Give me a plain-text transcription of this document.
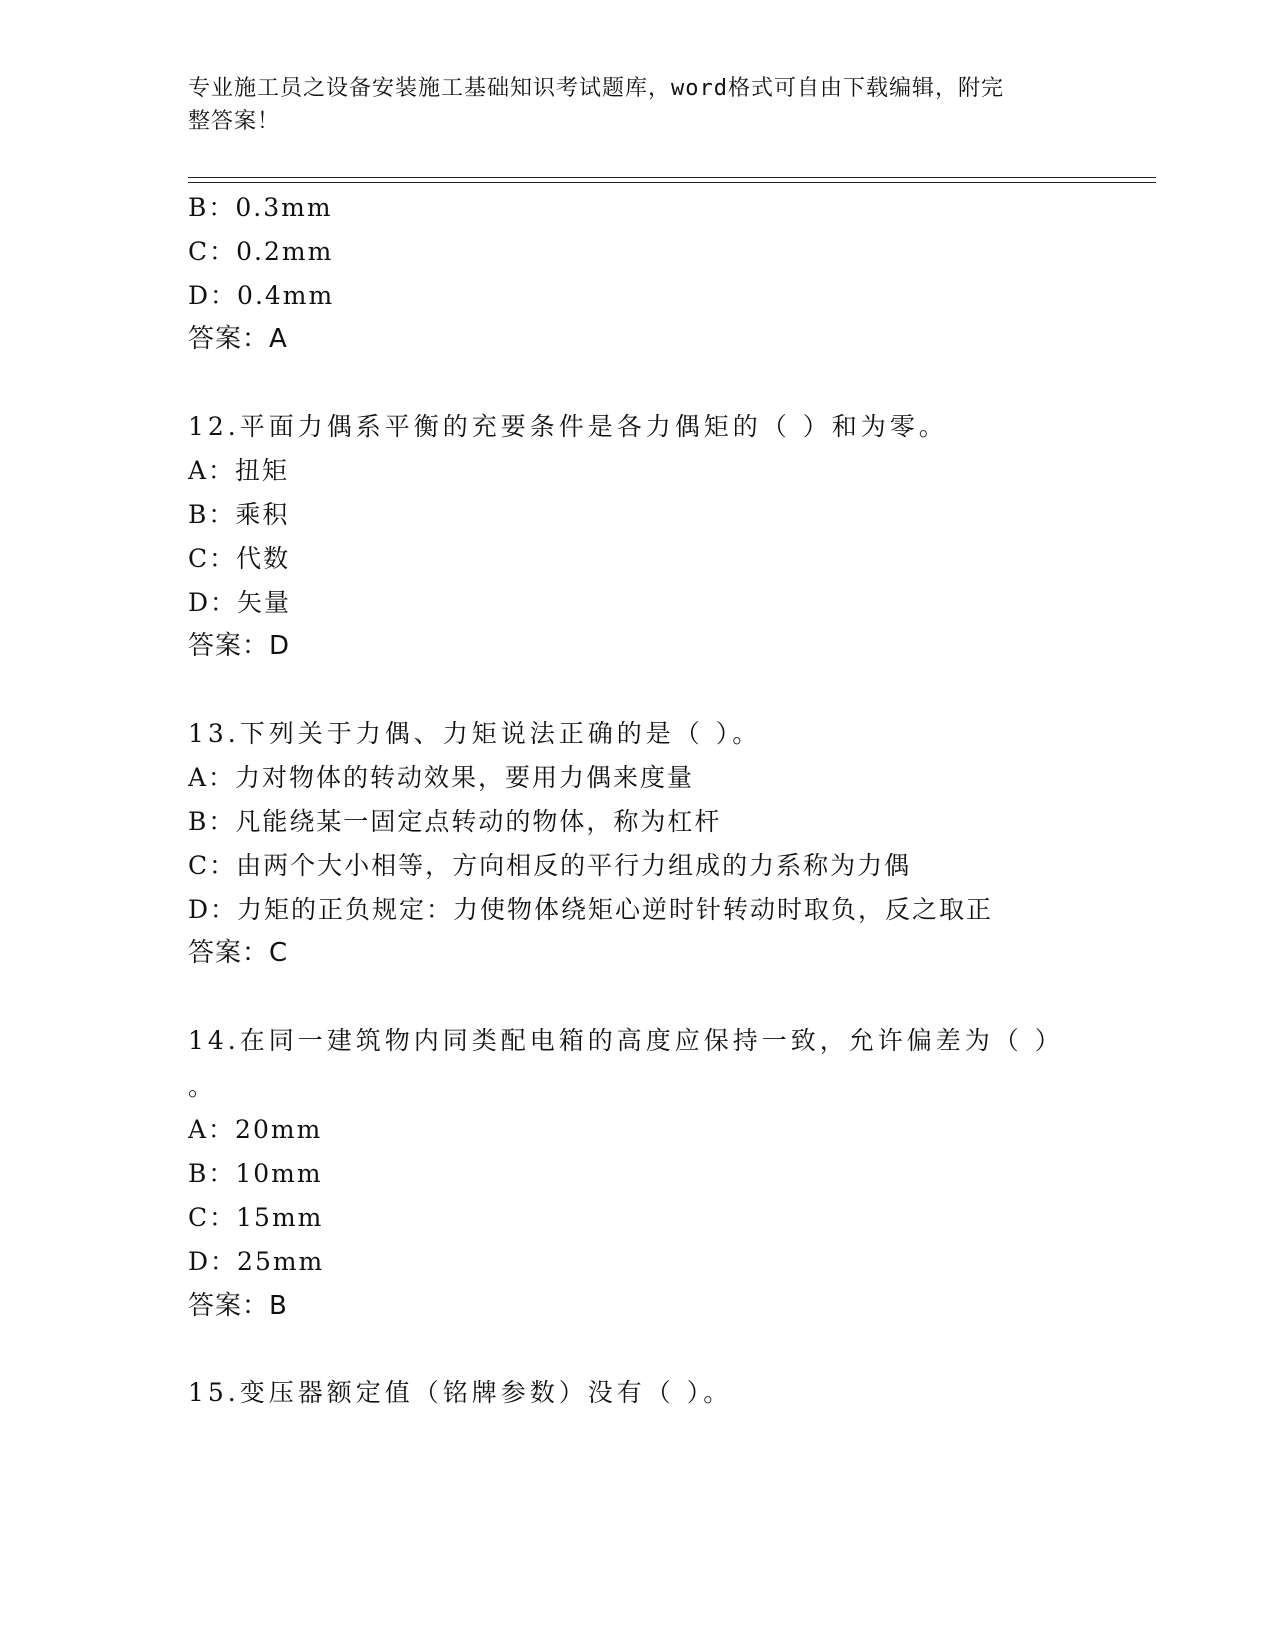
专业施工员之设备安装施工基础知识考试题库，word格式可自由下载编辑，附完
整答案！
B：0.3mm
C：0.2mm
D：0.4mm
答案：A
12.平面力偶系平衡的充要条件是各力偶矩的（ ）和为零。
A：扭矩
B：乘积
C：代数
D：矢量
答案：D
13.下列关于力偶、力矩说法正确的是（ ）。
A：力对物体的转动效果，要用力偶来度量
B：凡能绕某一固定点转动的物体，称为杠杆
C：由两个大小相等，方向相反的平行力组成的力系称为力偶
D：力矩的正负规定：力使物体绕矩心逆时针转动时取负，反之取正
答案：C
14.在同一建筑物内同类配电箱的高度应保持一致，允许偏差为（ ）
。
A：20mm
B：10mm
C：15mm
D：25mm
答案：B
15.变压器额定值（铭牌参数）没有（ ）。
